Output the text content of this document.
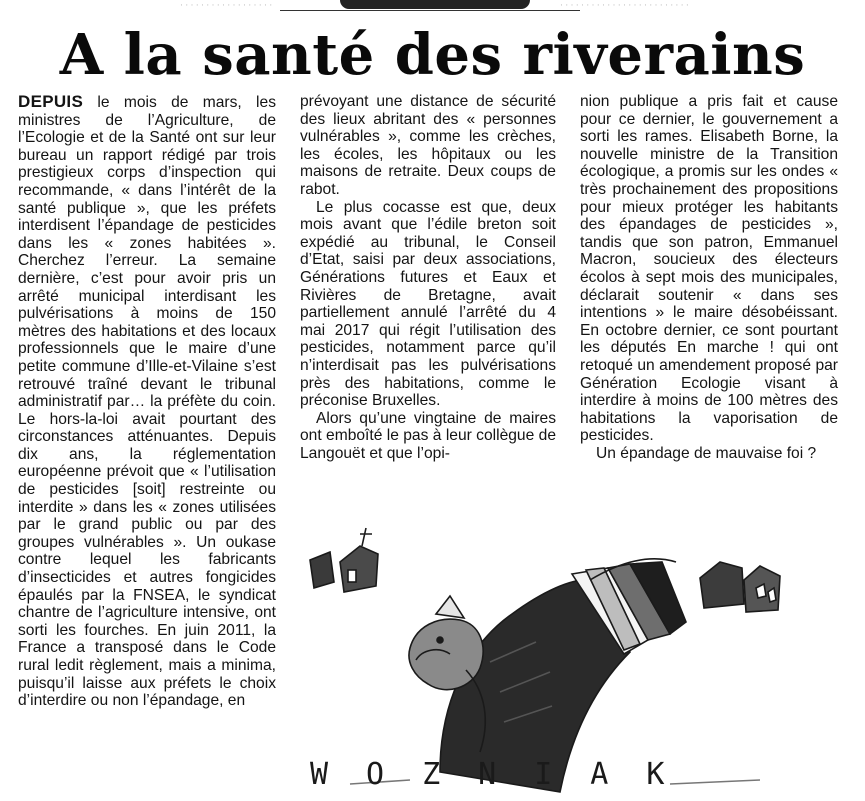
· · · · · · · · · · · · · · · · · ·	· · · · · · · · · · · · · · · · · · · · · · · · ·
A la santé des riverains

DEPUIS le mois de mars, les ministres de l’Agriculture, de l’Ecologie et de la Santé ont sur leur bureau un rapport rédigé par trois prestigieux corps d’inspection qui recommande, « dans l’intérêt de la santé publique », que les préfets interdisent l’épandage de pesticides dans les « zones habitées ». Cherchez l’erreur. La semaine dernière, c’est pour avoir pris un arrêté municipal interdisant les pulvérisations à moins de 150 mètres des habitations et des locaux professionnels que le maire d’une petite commune d’Ille-et-Vilaine s’est retrouvé traîné devant le tribunal administratif par… la préfète du coin. Le hors-la-loi avait pourtant des circonstances atténuantes. Depuis dix ans, la réglementation européenne prévoit que « l’utilisation de pesticides [soit] restreinte ou interdite » dans les « zones utilisées par le grand public ou par des groupes vulnérables ». Un oukase contre lequel les fabricants d’insecticides et autres fongicides épaulés par la FNSEA, le syndicat chantre de l’agriculture intensive, ont sorti les fourches. En juin 2011, la France a transposé dans le Code rural ledit règlement, mais a minima, puisqu’il laisse aux préfets le choix d’interdire ou non l’épandage, en

prévoyant une distance de sécurité des lieux abritant des « personnes vulnérables », comme les crèches, les écoles, les hôpitaux ou les maisons de retraite. Deux coups de rabot.

Le plus cocasse est que, deux mois avant que l’édile breton soit expédié au tribunal, le Conseil d’Etat, saisi par deux associations, Générations futures et Eaux et Rivières de Bretagne, avait partiellement annulé l’arrêté du 4 mai 2017 qui régit l’utilisation des pesticides, notamment parce qu’il n’interdisait pas les pulvérisations près des habitations, comme le préconise Bruxelles.

Alors qu’une vingtaine de maires ont emboîté le pas à leur collègue de Langouët et que l’opi-

nion publique a pris fait et cause pour ce dernier, le gouvernement a sorti les rames. Elisabeth Borne, la nouvelle ministre de la Transition écologique, a promis sur les ondes « très prochainement des propositions pour mieux protéger les habitants des épandages de pesticides », tandis que son patron, Emmanuel Macron, soucieux des électeurs écolos à sept mois des municipales, déclarait soutenir « dans ses intentions » le maire désobéissant. En octobre dernier, ce sont pourtant les députés En marche ! qui ont retoqué un amendement proposé par Génération Ecologie visant à interdire à moins de 100 mètres des habitations la vaporisation de pesticides.

Un épandage de mauvaise foi ?

WOZNIAK
